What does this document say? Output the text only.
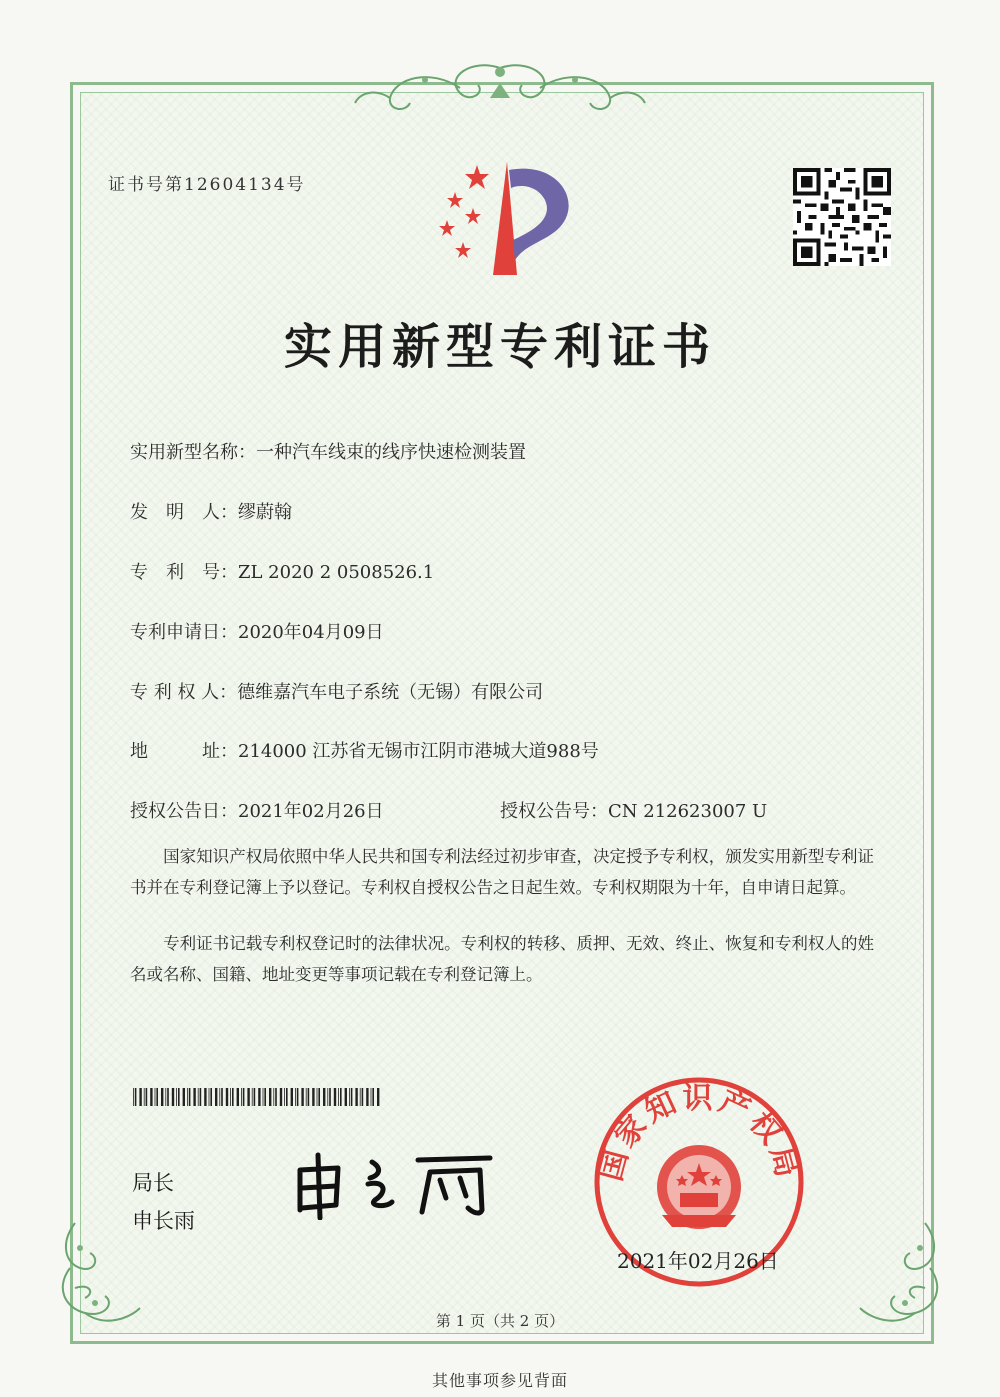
证书号第12604134号
实用新型专利证书
实用新型名称：一种汽车线束的线序快速检测装置
发　明　人：缪蔚翰
专　利　号：ZL 2020 2 0508526.1
专利申请日：2020年04月09日
专 利 权 人：德维嘉汽车电子系统（无锡）有限公司
地　　　址：214000 江苏省无锡市江阴市港城大道988号
授权公告日：2021年02月26日	授权公告号：CN 212623007 U
　　国家知识产权局依照中华人民共和国专利法经过初步审查，决定授予专利权，颁发实用新型专利证书并在专利登记簿上予以登记。专利权自授权公告之日起生效。专利权期限为十年，自申请日起算。
　　专利证书记载专利权登记时的法律状况。专利权的转移、质押、无效、终止、恢复和专利权人的姓名或名称、国籍、地址变更等事项记载在专利登记簿上。
局长
申长雨
国家知识产权局
2021年02月26日
第 1 页（共 2 页）
其他事项参见背面
